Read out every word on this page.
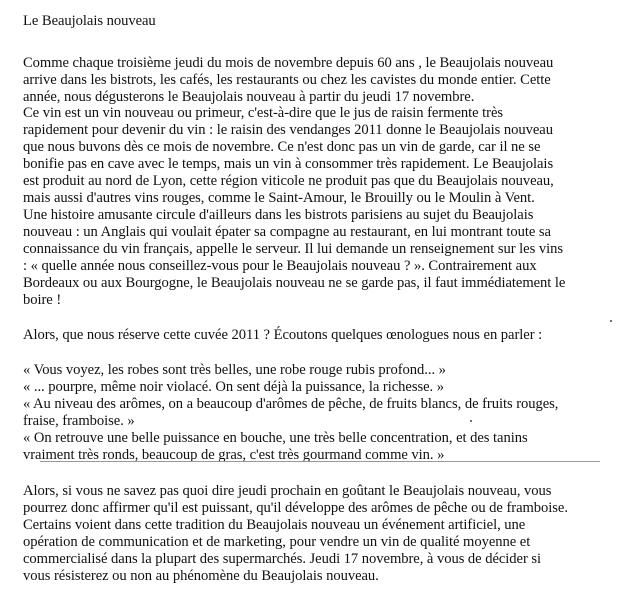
Le Beaujolais nouveau
Comme chaque troisième jeudi du mois de novembre depuis 60 ans , le Beaujolais nouveau
arrive dans les bistrots, les cafés, les restaurants ou chez les cavistes du monde entier. Cette
année, nous dégusterons le Beaujolais nouveau à partir du jeudi 17 novembre.
Ce vin est un vin nouveau ou primeur, c'est-à-dire que le jus de raisin fermente très
rapidement pour devenir du vin : le raisin des vendanges 2011 donne le Beaujolais nouveau
que nous buvons dès ce mois de novembre. Ce n'est donc pas un vin de garde, car il ne se
bonifie pas en cave avec le temps, mais un vin à consommer très rapidement. Le Beaujolais
est produit au nord de Lyon, cette région viticole ne produit pas que du Beaujolais nouveau,
mais aussi d'autres vins rouges, comme le Saint-Amour, le Brouilly ou le Moulin à Vent.
Une histoire amusante circule d'ailleurs dans les bistrots parisiens au sujet du Beaujolais
nouveau : un Anglais qui voulait épater sa compagne au restaurant, en lui montrant toute sa
connaissance du vin français, appelle le serveur. Il lui demande un renseignement sur les vins
: « quelle année nous conseillez-vous pour le Beaujolais nouveau ? ». Contrairement aux
Bordeaux ou aux Bourgogne, le Beaujolais nouveau ne se garde pas, il faut immédiatement le
boire !
Alors, que nous réserve cette cuvée 2011 ? Écoutons quelques œnologues nous en parler :
« Vous voyez, les robes sont très belles, une robe rouge rubis profond... »
« ... pourpre, même noir violacé. On sent déjà la puissance, la richesse. »
« Au niveau des arômes, on a beaucoup d'arômes de pêche, de fruits blancs, de fruits rouges,
fraise, framboise. »
« On retrouve une belle puissance en bouche, une très belle concentration, et des tanins
vraiment très ronds, beaucoup de gras, c'est très gourmand comme vin. »
Alors, si vous ne savez pas quoi dire jeudi prochain en goûtant le Beaujolais nouveau, vous
pourrez donc affirmer qu'il est puissant, qu'il développe des arômes de pêche ou de framboise.
Certains voient dans cette tradition du Beaujolais nouveau un événement artificiel, une
opération de communication et de marketing, pour vendre un vin de qualité moyenne et
commercialisé dans la plupart des supermarchés. Jeudi 17 novembre, à vous de décider si
vous résisterez ou non au phénomène du Beaujolais nouveau.
